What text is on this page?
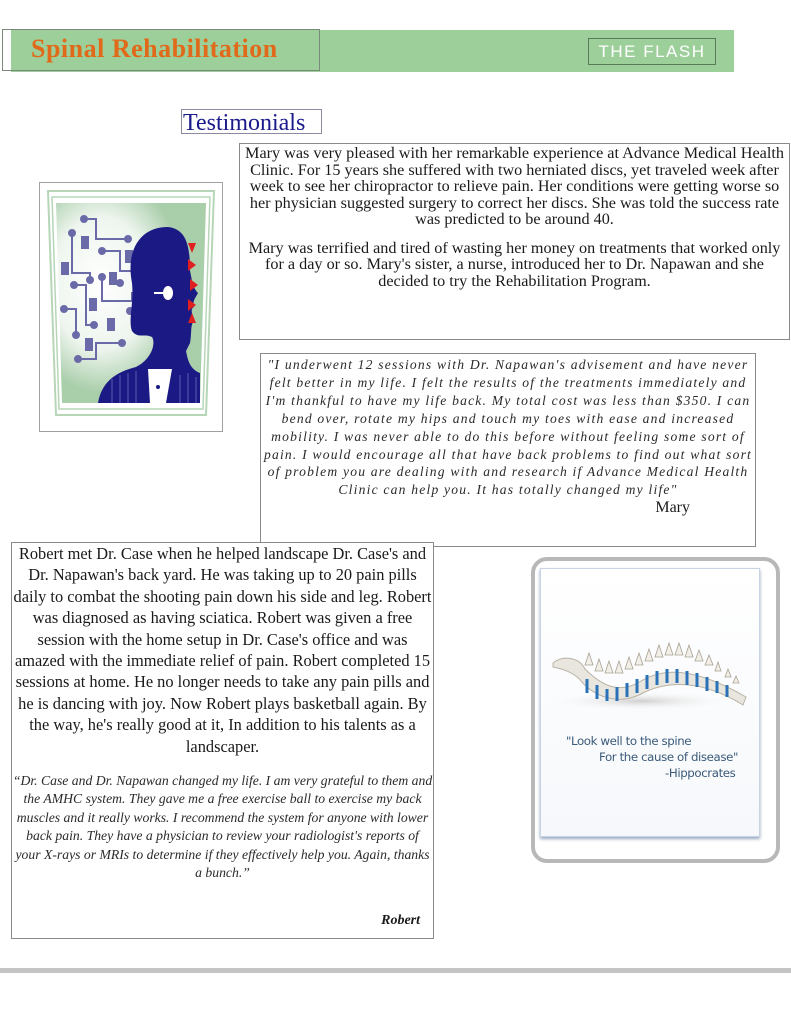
Spinal Rehabilitation	THE FLASH
Testimonials

Mary was very pleased with her remarkable experience at Advance Medical Health Clinic. For 15 years she suffered with two herniated discs, yet traveled week after week to see her chiropractor to relieve pain. Her conditions were getting worse so her physician suggested surgery to correct her discs. She was told the success rate was predicted to be around 40.

Mary was terrified and tired of wasting her money on treatments that worked only for a day or so. Mary's sister, a nurse, introduced her to Dr. Napawan and she decided to try the Rehabilitation Program.

"I underwent 12 sessions with Dr. Napawan's advisement and have never felt better in my life. I felt the results of the treatments immediately and I'm thankful to have my life back. My total cost was less than $350. I can bend over, rotate my hips and touch my toes with ease and increased mobility. I was never able to do this before without feeling some sort of pain. I would encourage all that have back problems to find out what sort of problem you are dealing with and research if Advance Medical Health Clinic can help you. It has totally changed my life"
Mary

Robert met Dr. Case when he helped landscape Dr. Case's and Dr. Napawan's back yard. He was taking up to 20 pain pills daily to combat the shooting pain down his side and leg. Robert was diagnosed as having sciatica. Robert was given a free session with the home setup in Dr. Case's office and was amazed with the immediate relief of pain. Robert completed 15 sessions at home. He no longer needs to take any pain pills and he is dancing with joy. Now Robert plays basketball again. By the way, he's really good at it, In addition to his talents as a landscaper.

“Dr. Case and Dr. Napawan changed my life. I am very grateful to them and the AMHC system. They gave me a free exercise ball to exercise my back muscles and it really works. I recommend the system for anyone with lower back pain. They have a physician to review your radiologist's reports of your X-rays or MRIs to determine if they effectively help you. Again, thanks a bunch.”

Robert
"Look well to the spine
For the cause of disease"
-Hippocrates
